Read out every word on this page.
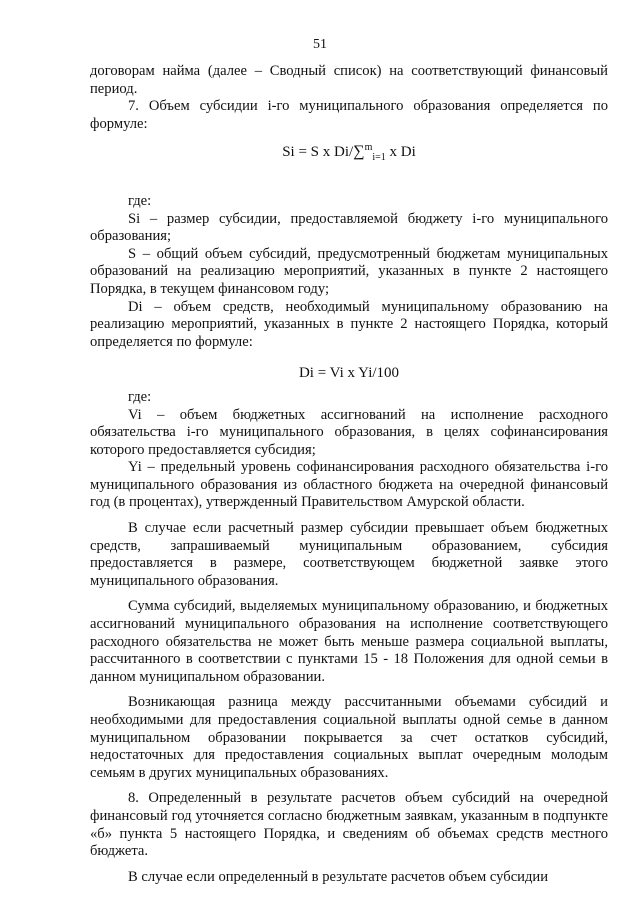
51

договорам найма (далее – Сводный список) на соответствующий финансовый период.

7. Объем субсидии i-го муниципального образования определяется по формуле:

Si = S x Di/∑$^m_{i=1}$ x Di

где:

Si – размер субсидии, предоставляемой бюджету i-го муниципального образования;

S – общий объем субсидий, предусмотренный бюджетам муниципальных образований на реализацию мероприятий, указанных в пункте 2 настоящего Порядка, в текущем финансовом году;

Di – объем средств, необходимый муниципальному образованию на реализацию мероприятий, указанных в пункте 2 настоящего Порядка, который определяется по формуле:

Di = Vi x Yi/100

где:

Vi – объем бюджетных ассигнований на исполнение расходного обязательства i-го муниципального образования, в целях софинансирования которого предоставляется субсидия;

Yi – предельный уровень софинансирования расходного обязательства i-го муниципального образования из областного бюджета на очередной финансовый год (в процентах), утвержденный Правительством Амурской области.

В случае если расчетный размер субсидии превышает объем бюджетных средств, запрашиваемый муниципальным образованием, субсидия предоставляется в размере, соответствующем бюджетной заявке этого муниципального образования.

Сумма субсидий, выделяемых муниципальному образованию, и бюджетных ассигнований муниципального образования на исполнение соответствующего расходного обязательства не может быть меньше размера социальной выплаты, рассчитанного в соответствии с пунктами 15 - 18 Положения для одной семьи в данном муниципальном образовании.

Возникающая разница между рассчитанными объемами субсидий и необходимыми для предоставления социальной выплаты одной семье в данном муниципальном образовании покрывается за счет остатков субсидий, недостаточных для предоставления социальных выплат очередным молодым семьям в других муниципальных образованиях.

8. Определенный в результате расчетов объем субсидий на очередной финансовый год уточняется согласно бюджетным заявкам, указанным в подпункте «б» пункта 5 настоящего Порядка, и сведениям об объемах средств местного бюджета.

В случае если определенный в результате расчетов объем субсидии
